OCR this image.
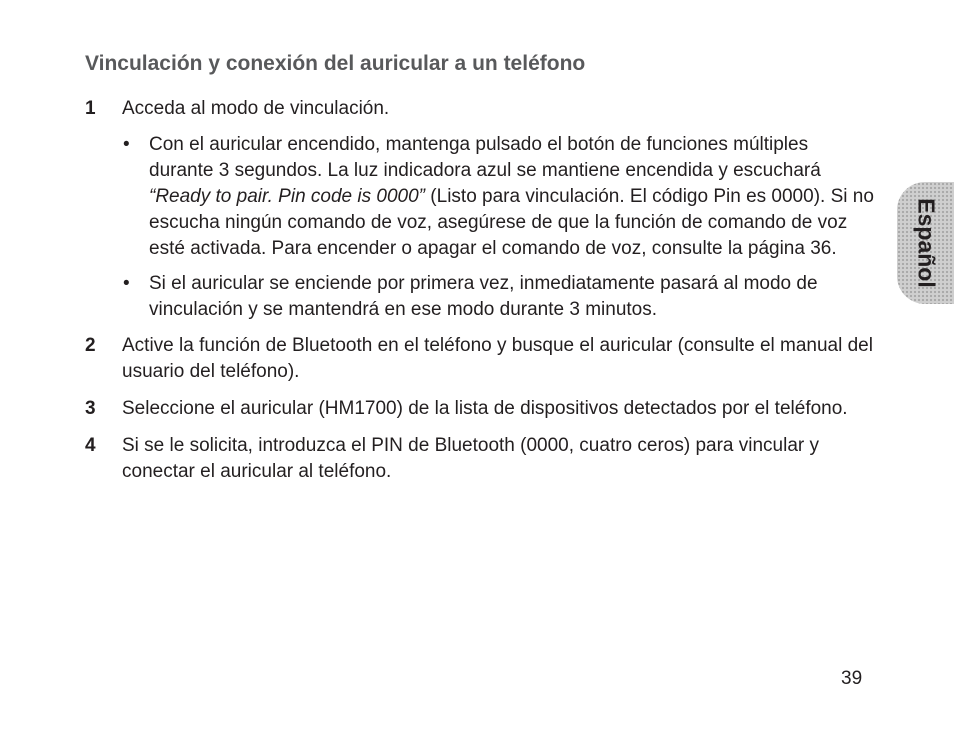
Vinculación y conexión del auricular a un teléfono
1 Acceda al modo de vinculación.
• Con el auricular encendido, mantenga pulsado el botón de funciones múltiples durante 3 segundos. La luz indicadora azul se mantiene encendida y escuchará “Ready to pair. Pin code is 0000” (Listo para vinculación. El código Pin es 0000). Si no escucha ningún comando de voz, asegúrese de que la función de comando de voz esté activada. Para encender o apagar el comando de voz, consulte la página 36.
• Si el auricular se enciende por primera vez, inmediatamente pasará al modo de vinculación y se mantendrá en ese modo durante 3 minutos.
2 Active la función de Bluetooth en el teléfono y busque el auricular (consulte el manual del usuario del teléfono).
3 Seleccione el auricular (HM1700) de la lista de dispositivos detectados por el teléfono.
4 Si se le solicita, introduzca el PIN de Bluetooth (0000, cuatro ceros) para vincular y conectar el auricular al teléfono.
Español
39
